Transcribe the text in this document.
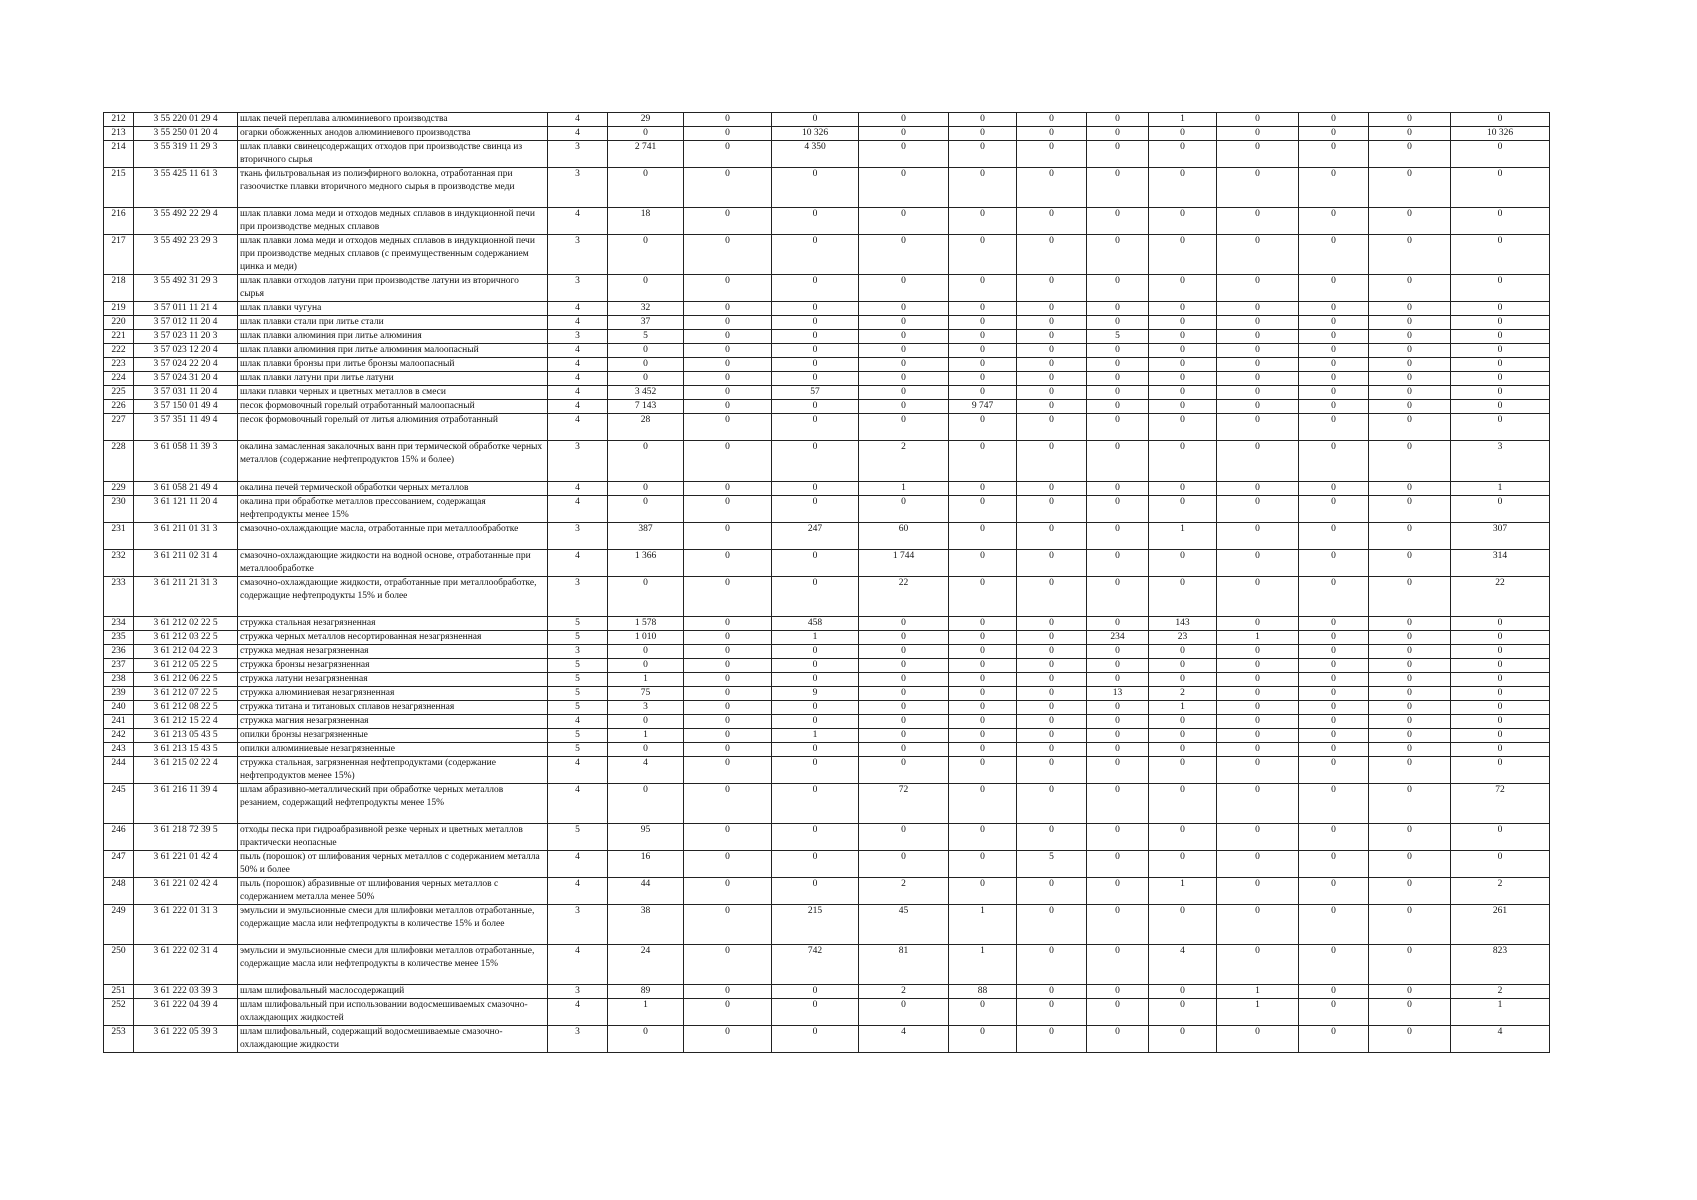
212	3 55 220 01 29 4	шлак печей переплава алюминиевого производства	4	29	0	0	0	0	0	0	1	0	0	0	0
213	3 55 250 01 20 4	огарки обожженных анодов алюминиевого производства	4	0	0	10 326	0	0	0	0	0	0	0	0	10 326
214	3 55 319 11 29 3	шлак плавки свинецсодержащих отходов при производстве свинца из вторичного сырья	3	2 741	0	4 350	0	0	0	0	0	0	0	0	0
215	3 55 425 11 61 3	ткань фильтровальная из полиэфирного волокна, отработанная при газоочистке плавки вторичного медного сырья в производстве меди	3	0	0	0	0	0	0	0	0	0	0	0	0
216	3 55 492 22 29 4	шлак плавки лома меди и отходов медных сплавов в индукционной печи при производстве медных сплавов	4	18	0	0	0	0	0	0	0	0	0	0	0
217	3 55 492 23 29 3	шлак плавки лома меди и отходов медных сплавов в индукционной печи при производстве медных сплавов (с преимущественным содержанием цинка и меди)	3	0	0	0	0	0	0	0	0	0	0	0	0
218	3 55 492 31 29 3	шлак плавки отходов латуни при производстве латуни из вторичного сырья	3	0	0	0	0	0	0	0	0	0	0	0	0
219	3 57 011 11 21 4	шлак плавки чугуна	4	32	0	0	0	0	0	0	0	0	0	0	0
220	3 57 012 11 20 4	шлак плавки стали при литье стали	4	37	0	0	0	0	0	0	0	0	0	0	0
221	3 57 023 11 20 3	шлак плавки алюминия при литье алюминия	3	5	0	0	0	0	0	5	0	0	0	0	0
222	3 57 023 12 20 4	шлак плавки алюминия при литье алюминия малоопасный	4	0	0	0	0	0	0	0	0	0	0	0	0
223	3 57 024 22 20 4	шлак плавки бронзы при литье бронзы малоопасный	4	0	0	0	0	0	0	0	0	0	0	0	0
224	3 57 024 31 20 4	шлак плавки латуни при литье латуни	4	0	0	0	0	0	0	0	0	0	0	0	0
225	3 57 031 11 20 4	шлаки плавки черных и цветных металлов в смеси	4	3 452	0	57	0	0	0	0	0	0	0	0	0
226	3 57 150 01 49 4	песок формовочный горелый отработанный малоопасный	4	7 143	0	0	0	9 747	0	0	0	0	0	0	0
227	3 57 351 11 49 4	песок формовочный горелый от литья алюминия отработанный	4	28	0	0	0	0	0	0	0	0	0	0	0
228	3 61 058 11 39 3	окалина замасленная закалочных ванн при термической обработке черных металлов (содержание нефтепродуктов 15% и более)	3	0	0	0	2	0	0	0	0	0	0	0	3
229	3 61 058 21 49 4	окалина печей термической обработки черных металлов	4	0	0	0	1	0	0	0	0	0	0	0	1
230	3 61 121 11 20 4	окалина при обработке металлов прессованием, содержащая нефтепродукты менее 15%	4	0	0	0	0	0	0	0	0	0	0	0	0
231	3 61 211 01 31 3	смазочно-охлаждающие масла, отработанные при металлообработке	3	387	0	247	60	0	0	0	1	0	0	0	307
232	3 61 211 02 31 4	смазочно-охлаждающие жидкости на водной основе, отработанные при металлообработке	4	1 366	0	0	1 744	0	0	0	0	0	0	0	314
233	3 61 211 21 31 3	смазочно-охлаждающие жидкости, отработанные при металлообработке, содержащие нефтепродукты 15% и более	3	0	0	0	22	0	0	0	0	0	0	0	22
234	3 61 212 02 22 5	стружка стальная незагрязненная	5	1 578	0	458	0	0	0	0	143	0	0	0	0
235	3 61 212 03 22 5	стружка черных металлов несортированная незагрязненная	5	1 010	0	1	0	0	0	234	23	1	0	0	0
236	3 61 212 04 22 3	стружка медная незагрязненная	3	0	0	0	0	0	0	0	0	0	0	0	0
237	3 61 212 05 22 5	стружка бронзы незагрязненная	5	0	0	0	0	0	0	0	0	0	0	0	0
238	3 61 212 06 22 5	стружка латуни незагрязненная	5	1	0	0	0	0	0	0	0	0	0	0	0
239	3 61 212 07 22 5	стружка алюминиевая незагрязненная	5	75	0	9	0	0	0	13	2	0	0	0	0
240	3 61 212 08 22 5	стружка титана и титановых сплавов незагрязненная	5	3	0	0	0	0	0	0	1	0	0	0	0
241	3 61 212 15 22 4	стружка магния незагрязненная	4	0	0	0	0	0	0	0	0	0	0	0	0
242	3 61 213 05 43 5	опилки бронзы незагрязненные	5	1	0	1	0	0	0	0	0	0	0	0	0
243	3 61 213 15 43 5	опилки алюминиевые незагрязненные	5	0	0	0	0	0	0	0	0	0	0	0	0
244	3 61 215 02 22 4	стружка стальная, загрязненная нефтепродуктами (содержание нефтепродуктов менее 15%)	4	4	0	0	0	0	0	0	0	0	0	0	0
245	3 61 216 11 39 4	шлам абразивно-металлический при обработке черных металлов резанием, содержащий нефтепродукты менее 15%	4	0	0	0	72	0	0	0	0	0	0	0	72
246	3 61 218 72 39 5	отходы песка при гидроабразивной резке черных и цветных металлов практически неопасные	5	95	0	0	0	0	0	0	0	0	0	0	0
247	3 61 221 01 42 4	пыль (порошок) от шлифования черных металлов с содержанием металла 50% и более	4	16	0	0	0	0	5	0	0	0	0	0	0
248	3 61 221 02 42 4	пыль (порошок) абразивные от шлифования черных металлов с содержанием металла менее 50%	4	44	0	0	2	0	0	0	1	0	0	0	2
249	3 61 222 01 31 3	эмульсии и эмульсионные смеси для шлифовки металлов отработанные, содержащие масла или нефтепродукты в количестве 15% и более	3	38	0	215	45	1	0	0	0	0	0	0	261
250	3 61 222 02 31 4	эмульсии и эмульсионные смеси для шлифовки металлов отработанные, содержащие масла или нефтепродукты в количестве менее 15%	4	24	0	742	81	1	0	0	4	0	0	0	823
251	3 61 222 03 39 3	шлам шлифовальный маслосодержащий	3	89	0	0	2	88	0	0	0	1	0	0	2
252	3 61 222 04 39 4	шлам шлифовальный при использовании водосмешиваемых смазочно-охлаждающих жидкостей	4	1	0	0	0	0	0	0	0	1	0	0	1
253	3 61 222 05 39 3	шлам шлифовальный, содержащий водосмешиваемые смазочно-охлаждающие жидкости	3	0	0	0	4	0	0	0	0	0	0	0	4
